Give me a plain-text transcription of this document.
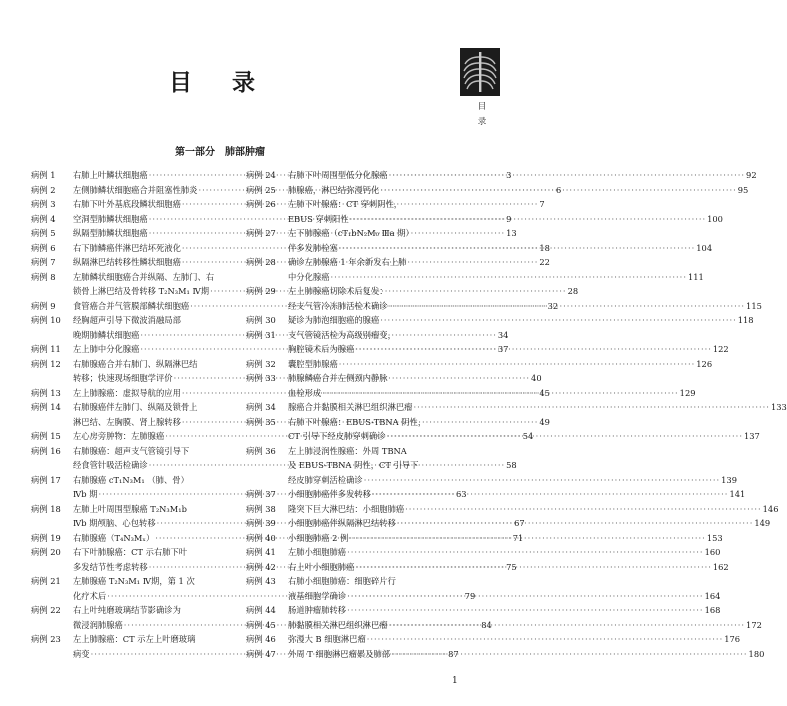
目 录
第一部分　肺部肿瘤
目
录
病例 1	右肺上叶鳞状细胞癌 ·····	3
病例 2	左侧肺鳞状细胞癌合并阻塞性肺炎 ·····	6
病例 3	右肺下叶外基底段鳞状细胞癌 ·····	7
病例 4	空洞型肺鳞状细胞癌 ·····	9
病例 5	纵隔型肺鳞状细胞癌 ·····	13
病例 6	右下肺鳞癌伴淋巴结坏死液化 ·····	18
病例 7	纵隔淋巴结转移性鳞状细胞癌 ·····	22
病例 8	左肺鳞状细胞癌合并纵隔、左肺门、右
锁骨上淋巴结及骨转移 T₂N₃M₁ Ⅳ期 ·····	28
病例 9	食管癌合并气管膜部鳞状细胞癌 ·····	32
病例 10	经胸超声引导下微波消融局部
晚期肺鳞状细胞癌 ·····	34
病例 11	左上肺中分化腺癌 ·····	37
病例 12	右肺腺癌合并右肺门、纵隔淋巴结
转移；快速现场细胞学评价 ·····	40
病例 13	左上肺腺癌：虚拟导航的应用 ·····	45
病例 14	右肺腺癌伴左肺门、纵隔及锁骨上
淋巴结、左胸膜、肾上腺转移 ·····	49
病例 15	左心房旁肿物：左肺腺癌 ·····	54
病例 16	右肺腺癌：超声支气管镜引导下
经食管针吸活检确诊 ·····	58
病例 17	右肺腺癌 cT₁N₃M₁ （肺、骨）
Ⅳb 期 ·····	63
病例 18	左肺上叶周围型腺癌 T₂N₃M₁b
Ⅳb 期颅脑、心包转移 ·····	67
病例 19	右肺腺癌（T₄N₃Mₓ） ·····	71
病例 20	右下叶肺腺癌：CT 示右肺下叶
多发结节性考虑转移 ·····	75
病例 21	左肺腺癌 T₂N₃M₁ Ⅳ期，第 1 次
化疗术后 ·····	79
病例 22	右上叶纯磨玻璃结节影确诊为
微浸润肺腺癌 ·····	84
病例 23	左上肺腺癌：CT 示左上叶磨玻璃
病变 ·····	87
病例 24	右肺下叶周围型低分化腺癌 ·····	92
病例 25	肺腺癌，淋巴结弥漫钙化 ·····	95
病例 26	左肺下叶腺癌：CT 穿刺阴性，
EBUS 穿刺阳性 ·····	100
病例 27	左下肺腺癌（cT₁bN₂M₀ Ⅲa 期）
伴多发肺栓塞 ·····	104
病例 28	确诊左肺腺癌 1 年余新发右上肺
中分化腺癌 ·····	111
病例 29	左上肺腺癌切除术后复发：
经支气管冷冻肺活检术确诊 ·····	115
病例 30	疑诊为肺泡细胞癌的腺癌 ·····	118
病例 31	支气管镜活检为高级别瘤变，
胸腔镜术后为腺癌 ·····	122
病例 32	囊腔型肺腺癌 ·····	126
病例 33	肺腺鳞癌合并左侧颈内静脉
血栓形成 ·····	129
病例 34	腺癌合并黏膜相关淋巴组织淋巴瘤 ·····	133
病例 35	右肺下叶腺癌：EBUS-TBNA 阴性，
CT 引导下经皮肺穿刺确诊 ·····	137
病例 36	左上肺浸润性腺癌：外周 TBNA
及 EBUS-TBNA 阴性，CT 引导下
经皮肺穿刺活检确诊 ·····	139
病例 37	小细胞肺癌伴多发转移 ·····	141
病例 38	隆突下巨大淋巴结：小细胞肺癌 ·····	146
病例 39	小细胞肺癌伴纵隔淋巴结转移 ·····	149
病例 40	小细胞肺癌 2 例 ·····	153
病例 41	左肺小细胞肺癌 ·····	160
病例 42	右上叶小细胞肺癌 ·····	162
病例 43	右肺小细胞肺癌：细胞碎片行
液基细胞学确诊 ·····	164
病例 44	肠道肿瘤肺转移 ·····	168
病例 45	肺黏膜相关淋巴组织淋巴瘤 ·····	172
病例 46	弥漫大 B 细胞淋巴瘤 ·····	176
病例 47	外周 T 细胞淋巴瘤累及肺部 ·····	180
1
